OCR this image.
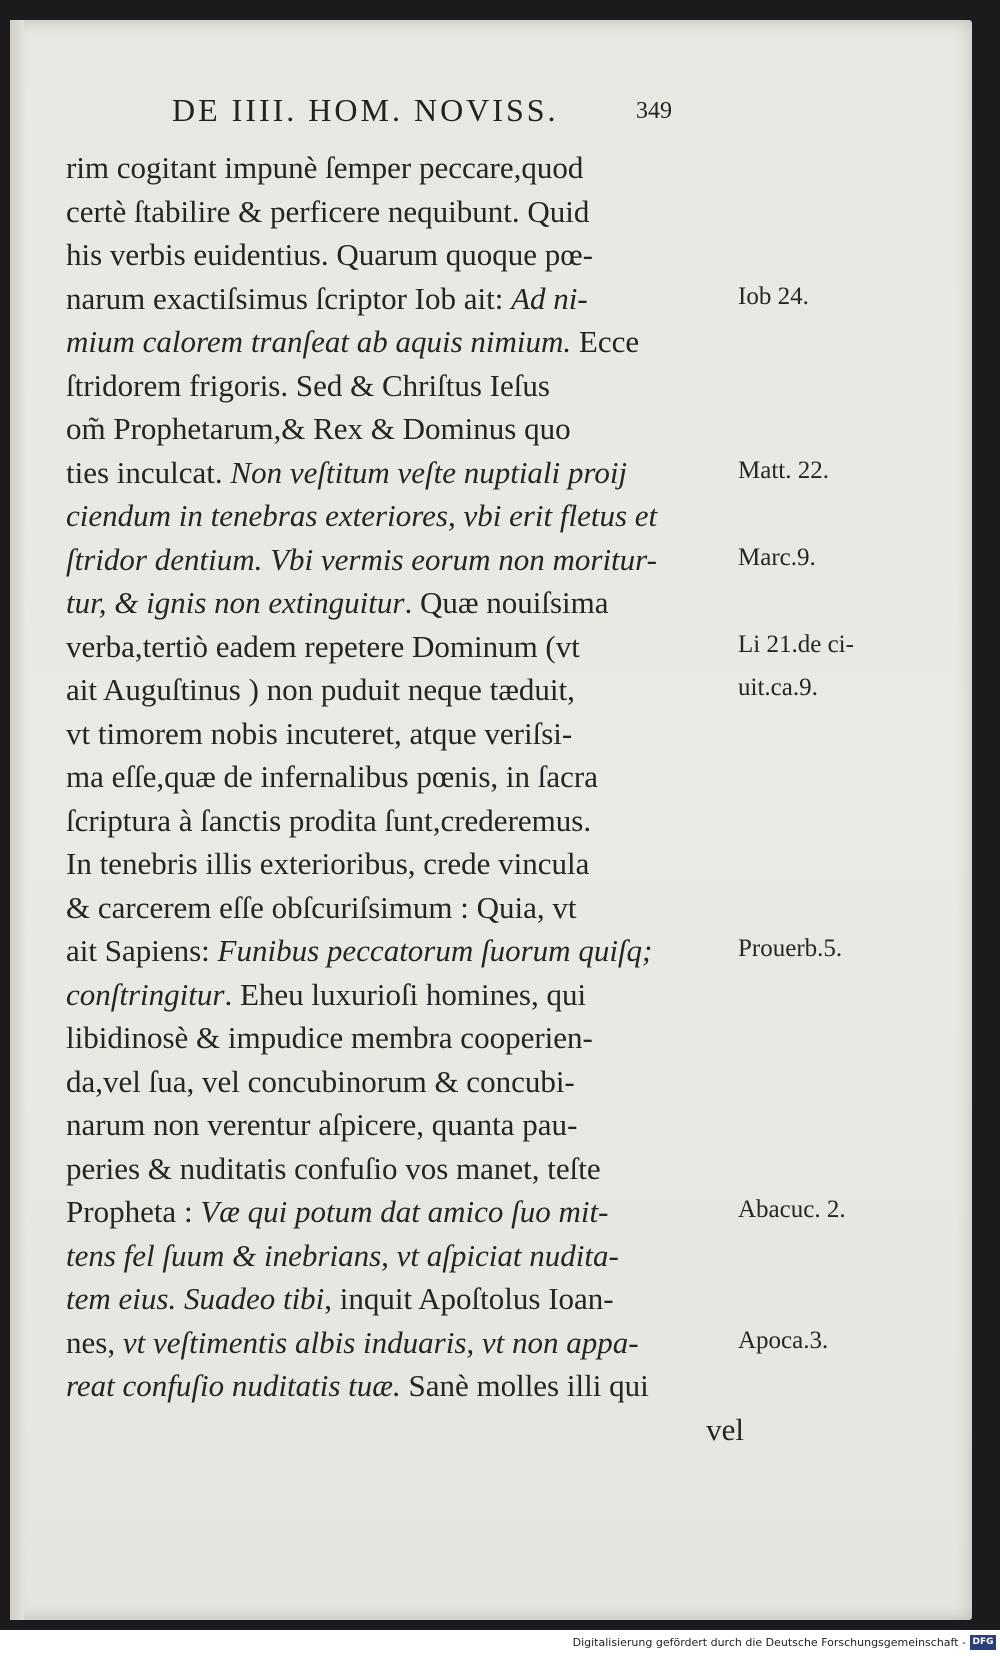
DE IIII. HOM. NOVISS.	349
rim cogitant impunè ſemper peccare,quod
certè ſtabilire & perficere nequibunt. Quid
his verbis euidentius. Quarum quoque pœ-
narum exactiſsimus ſcriptor Iob ait: Ad ni-
mium calorem tranſeat ab aquis nimium. Ecce
ſtridorem frigoris. Sed & Chriſtus Ieſus
om̃ Prophetarum,& Rex & Dominus quo
ties inculcat. Non veſtitum veſte nuptiali proij
ciendum in tenebras exteriores, vbi erit fletus et
ſtridor dentium. Vbi vermis eorum non moritur-
tur, & ignis non extinguitur. Quæ nouiſsima
verba,tertiò eadem repetere Dominum (vt
ait Auguſtinus ) non puduit neque tæduit,
vt timorem nobis incuteret, atque veriſsi-
ma eſſe,quæ de infernalibus pœnis, in ſacra
ſcriptura à ſanctis prodita ſunt,crederemus.
In tenebris illis exterioribus, crede vincula
& carcerem eſſe obſcuriſsimum : Quia, vt
ait Sapiens: Funibus peccatorum ſuorum quiſq;
conſtringitur. Eheu luxurioſi homines, qui
libidinosè & impudice membra cooperien-
da,vel ſua, vel concubinorum & concubi-
narum non verentur aſpicere, quanta pau-
peries & nuditatis confuſio vos manet, teſte
Propheta : Væ qui potum dat amico ſuo mit-
tens fel ſuum & inebrians, vt aſpiciat nudita-
tem eius. Suadeo tibi, inquit Apoſtolus Ioan-
nes, vt veſtimentis albis induaris, vt non appa-
reat confuſio nuditatis tuæ. Sanè molles illi qui
vel
Iob 24.
Matt. 22.
Marc.9.
Li 21.de ci-
uit.ca.9.
Prouerb.5.
Abacuc. 2.
Apoca.3.
Digitalisierung gefördert durch die Deutsche Forschungsgemeinschaft - DFG
